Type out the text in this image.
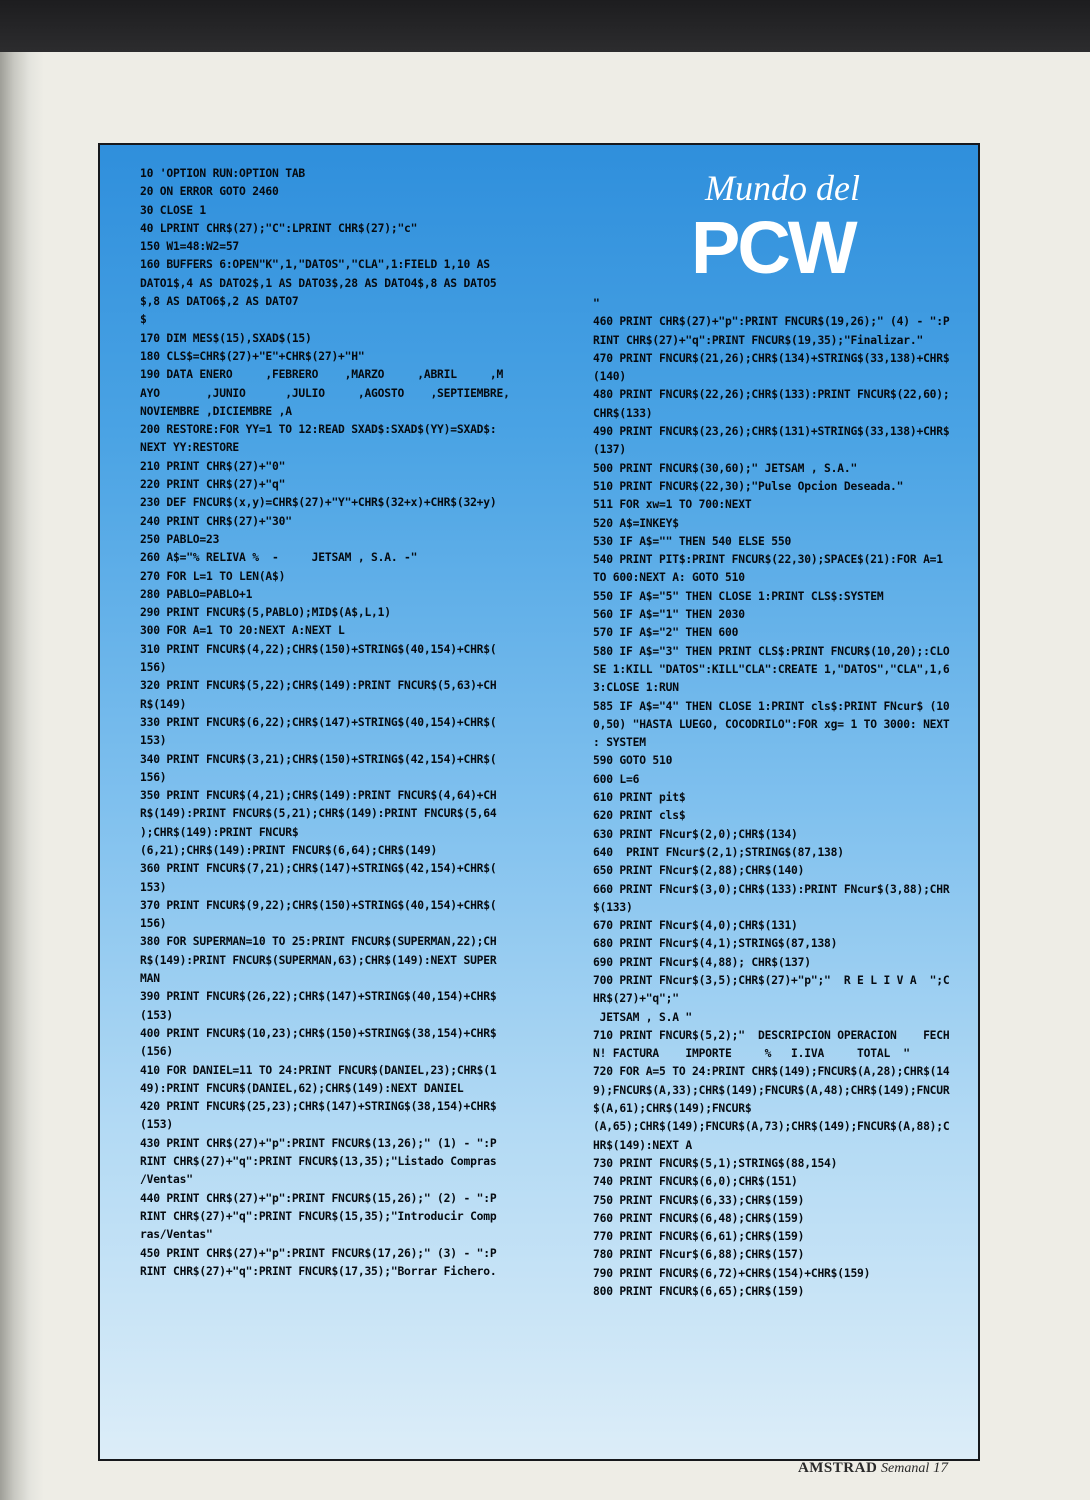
10 'OPTION RUN:OPTION TAB
20 ON ERROR GOTO 2460
30 CLOSE 1
40 LPRINT CHR$(27);"C":LPRINT CHR$(27);"c"
150 W1=48:W2=57
160 BUFFERS 6:OPEN"K",1,"DATOS","CLA",1:FIELD 1,10 AS
DATO1$,4 AS DATO2$,1 AS DATO3$,28 AS DATO4$,8 AS DATO5
$,8 AS DATO6$,2 AS DATO7
$
170 DIM MES$(15),SXAD$(15)
180 CLS$=CHR$(27)+"E"+CHR$(27)+"H"
190 DATA ENERO     ,FEBRERO    ,MARZO     ,ABRIL     ,M
AYO       ,JUNIO      ,JULIO     ,AGOSTO    ,SEPTIEMBRE,
NOVIEMBRE ,DICIEMBRE ,A
200 RESTORE:FOR YY=1 TO 12:READ SXAD$:SXAD$(YY)=SXAD$:
NEXT YY:RESTORE
210 PRINT CHR$(27)+"0"
220 PRINT CHR$(27)+"q"
230 DEF FNCUR$(x,y)=CHR$(27)+"Y"+CHR$(32+x)+CHR$(32+y)
240 PRINT CHR$(27)+"30"
250 PABLO=23
260 A$="% RELIVA %  -     JETSAM , S.A. -"
270 FOR L=1 TO LEN(A$)
280 PABLO=PABLO+1
290 PRINT FNCUR$(5,PABLO);MID$(A$,L,1)
300 FOR A=1 TO 20:NEXT A:NEXT L
310 PRINT FNCUR$(4,22);CHR$(150)+STRING$(40,154)+CHR$(
156)
320 PRINT FNCUR$(5,22);CHR$(149):PRINT FNCUR$(5,63)+CH
R$(149)
330 PRINT FNCUR$(6,22);CHR$(147)+STRING$(40,154)+CHR$(
153)
340 PRINT FNCUR$(3,21);CHR$(150)+STRING$(42,154)+CHR$(
156)
350 PRINT FNCUR$(4,21);CHR$(149):PRINT FNCUR$(4,64)+CH
R$(149):PRINT FNCUR$(5,21);CHR$(149):PRINT FNCUR$(5,64
);CHR$(149):PRINT FNCUR$
(6,21);CHR$(149):PRINT FNCUR$(6,64);CHR$(149)
360 PRINT FNCUR$(7,21);CHR$(147)+STRING$(42,154)+CHR$(
153)
370 PRINT FNCUR$(9,22);CHR$(150)+STRING$(40,154)+CHR$(
156)
380 FOR SUPERMAN=10 TO 25:PRINT FNCUR$(SUPERMAN,22);CH
R$(149):PRINT FNCUR$(SUPERMAN,63);CHR$(149):NEXT SUPER
MAN
390 PRINT FNCUR$(26,22);CHR$(147)+STRING$(40,154)+CHR$
(153)
400 PRINT FNCUR$(10,23);CHR$(150)+STRING$(38,154)+CHR$
(156)
410 FOR DANIEL=11 TO 24:PRINT FNCUR$(DANIEL,23);CHR$(1
49):PRINT FNCUR$(DANIEL,62);CHR$(149):NEXT DANIEL
420 PRINT FNCUR$(25,23);CHR$(147)+STRING$(38,154)+CHR$
(153)
430 PRINT CHR$(27)+"p":PRINT FNCUR$(13,26);" (1) - ":P
RINT CHR$(27)+"q":PRINT FNCUR$(13,35);"Listado Compras
/Ventas"
440 PRINT CHR$(27)+"p":PRINT FNCUR$(15,26);" (2) - ":P
RINT CHR$(27)+"q":PRINT FNCUR$(15,35);"Introducir Comp
ras/Ventas"
450 PRINT CHR$(27)+"p":PRINT FNCUR$(17,26);" (3) - ":P
RINT CHR$(27)+"q":PRINT FNCUR$(17,35);"Borrar Fichero.
Mundo del
PCW
"
460 PRINT CHR$(27)+"p":PRINT FNCUR$(19,26);" (4) - ":P
RINT CHR$(27)+"q":PRINT FNCUR$(19,35);"Finalizar."
470 PRINT FNCUR$(21,26);CHR$(134)+STRING$(33,138)+CHR$
(140)
480 PRINT FNCUR$(22,26);CHR$(133):PRINT FNCUR$(22,60);
CHR$(133)
490 PRINT FNCUR$(23,26);CHR$(131)+STRING$(33,138)+CHR$
(137)
500 PRINT FNCUR$(30,60);" JETSAM , S.A."
510 PRINT FNCUR$(22,30);"Pulse Opcion Deseada."
511 FOR xw=1 TO 700:NEXT
520 A$=INKEY$
530 IF A$="" THEN 540 ELSE 550
540 PRINT PIT$:PRINT FNCUR$(22,30);SPACE$(21):FOR A=1
TO 600:NEXT A: GOTO 510
550 IF A$="5" THEN CLOSE 1:PRINT CLS$:SYSTEM
560 IF A$="1" THEN 2030
570 IF A$="2" THEN 600
580 IF A$="3" THEN PRINT CLS$:PRINT FNCUR$(10,20);:CLO
SE 1:KILL "DATOS":KILL"CLA":CREATE 1,"DATOS","CLA",1,6
3:CLOSE 1:RUN
585 IF A$="4" THEN CLOSE 1:PRINT cls$:PRINT FNcur$ (10
0,50) "HASTA LUEGO, COCODRILO":FOR xg= 1 TO 3000: NEXT
: SYSTEM
590 GOTO 510
600 L=6
610 PRINT pit$
620 PRINT cls$
630 PRINT FNcur$(2,0);CHR$(134)
640  PRINT FNcur$(2,1);STRING$(87,138)
650 PRINT FNcur$(2,88);CHR$(140)
660 PRINT FNcur$(3,0);CHR$(133):PRINT FNcur$(3,88);CHR
$(133)
670 PRINT FNcur$(4,0);CHR$(131)
680 PRINT FNcur$(4,1);STRING$(87,138)
690 PRINT FNcur$(4,88); CHR$(137)
700 PRINT FNcur$(3,5);CHR$(27)+"p";"  R E L I V A  ";C
HR$(27)+"q";"
JETSAM , S.A "
710 PRINT FNCUR$(5,2);"  DESCRIPCION OPERACION    FECH
N! FACTURA    IMPORTE     %   I.IVA     TOTAL  "
720 FOR A=5 TO 24:PRINT CHR$(149);FNCUR$(A,28);CHR$(14
9);FNCUR$(A,33);CHR$(149);FNCUR$(A,48);CHR$(149);FNCUR
$(A,61);CHR$(149);FNCUR$
(A,65);CHR$(149);FNCUR$(A,73);CHR$(149);FNCUR$(A,88);C
HR$(149):NEXT A
730 PRINT FNCUR$(5,1);STRING$(88,154)
740 PRINT FNCUR$(6,0);CHR$(151)
750 PRINT FNCUR$(6,33);CHR$(159)
760 PRINT FNCUR$(6,48);CHR$(159)
770 PRINT FNCUR$(6,61);CHR$(159)
780 PRINT FNcur$(6,88);CHR$(157)
790 PRINT FNCUR$(6,72)+CHR$(154)+CHR$(159)
800 PRINT FNCUR$(6,65);CHR$(159)
AMSTRAD Semanal 17
